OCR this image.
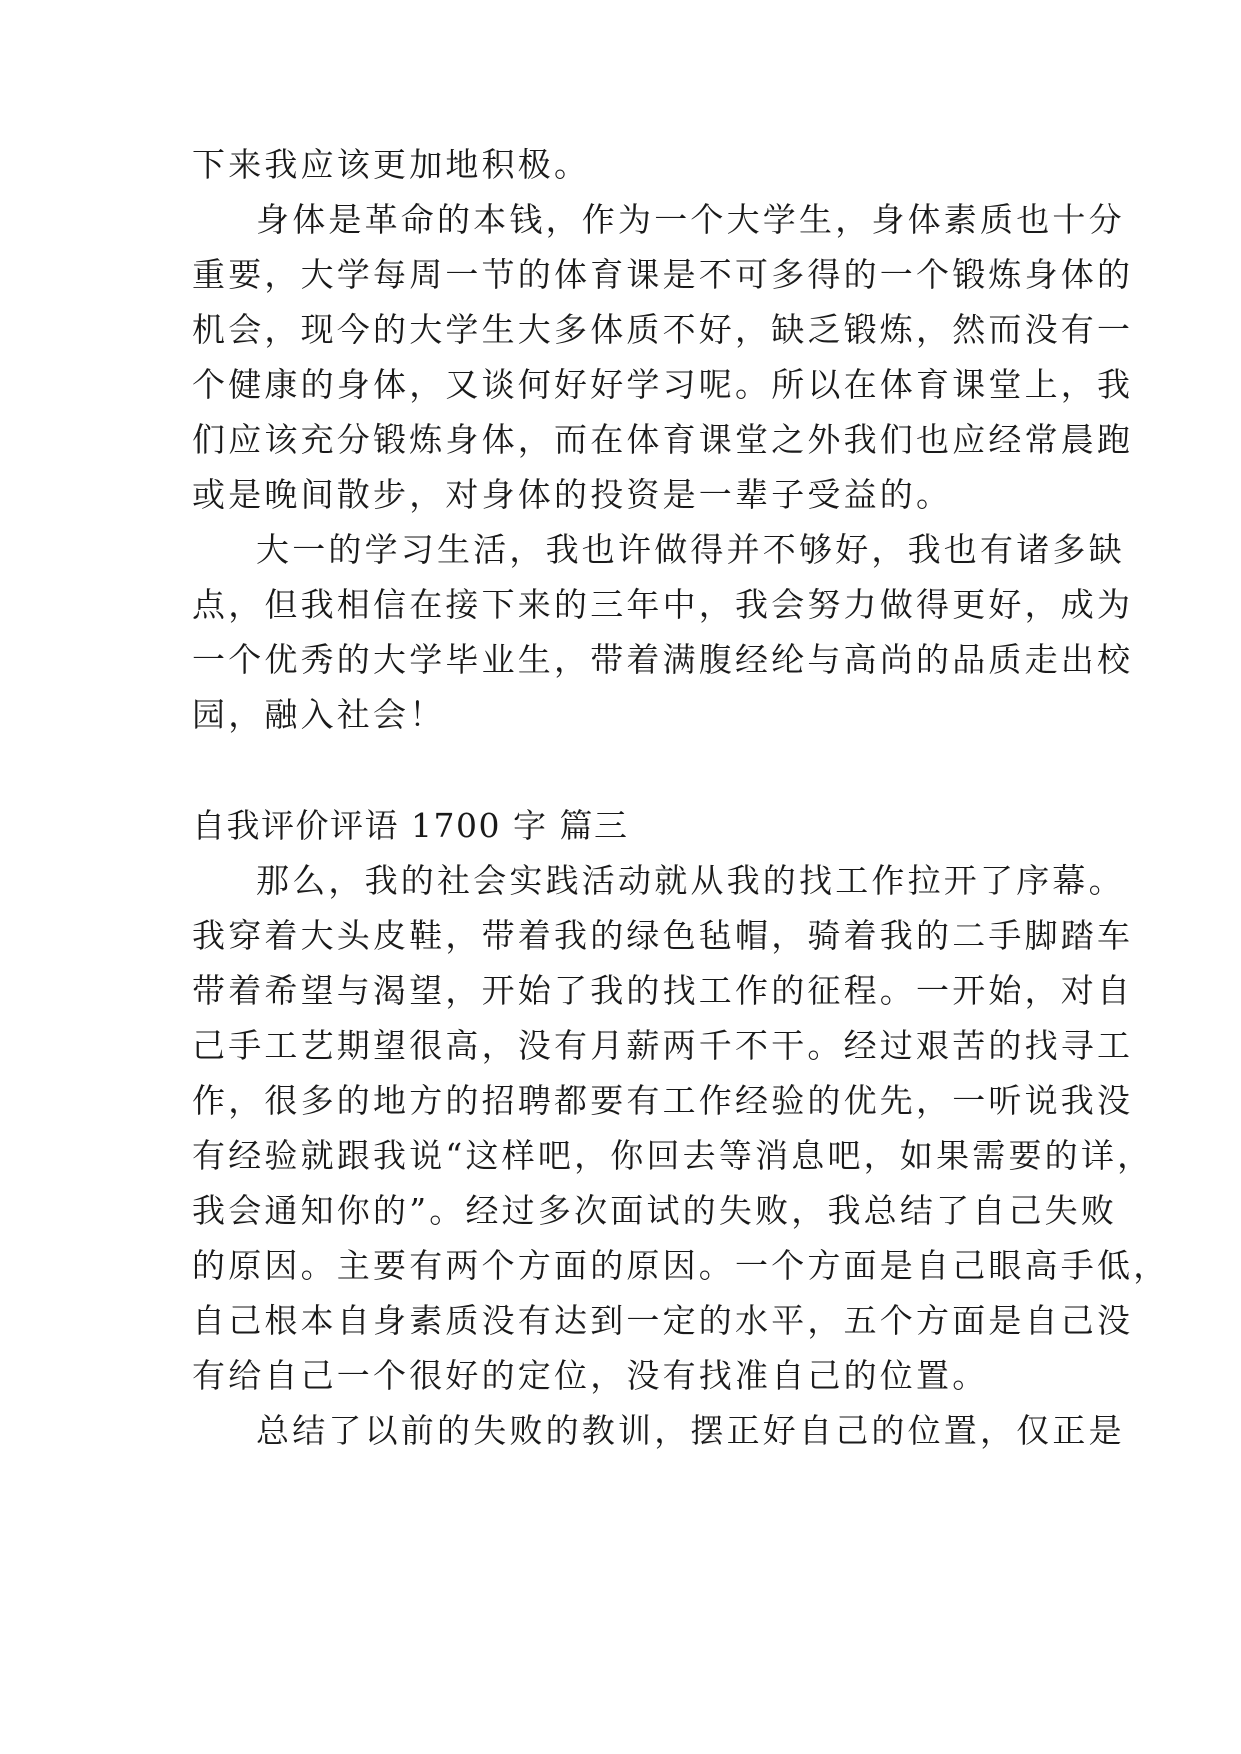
下来我应该更加地积极。
身体是革命的本钱，作为一个大学生，身体素质也十分
重要，大学每周一节的体育课是不可多得的一个锻炼身体的
机会，现今的大学生大多体质不好，缺乏锻炼，然而没有一
个健康的身体，又谈何好好学习呢。所以在体育课堂上，我
们应该充分锻炼身体，而在体育课堂之外我们也应经常晨跑
或是晚间散步，对身体的投资是一辈子受益的。
大一的学习生活，我也许做得并不够好，我也有诸多缺
点，但我相信在接下来的三年中，我会努力做得更好，成为
一个优秀的大学毕业生，带着满腹经纶与高尚的品质走出校
园，融入社会！
自我评价评语 1700 字 篇三
那么，我的社会实践活动就从我的找工作拉开了序幕。
我穿着大头皮鞋，带着我的绿色毡帽，骑着我的二手脚踏车
带着希望与渴望，开始了我的找工作的征程。一开始，对自
己手工艺期望很高，没有月薪两千不干。经过艰苦的找寻工
作，很多的地方的招聘都要有工作经验的优先，一听说我没
有经验就跟我说“这样吧，你回去等消息吧，如果需要的详，
我会通知你的”。经过多次面试的失败，我总结了自己失败
的原因。主要有两个方面的原因。一个方面是自己眼高手低，
自己根本自身素质没有达到一定的水平，五个方面是自己没
有给自己一个很好的定位，没有找准自己的位置。
总结了以前的失败的教训，摆正好自己的位置，仅正是
